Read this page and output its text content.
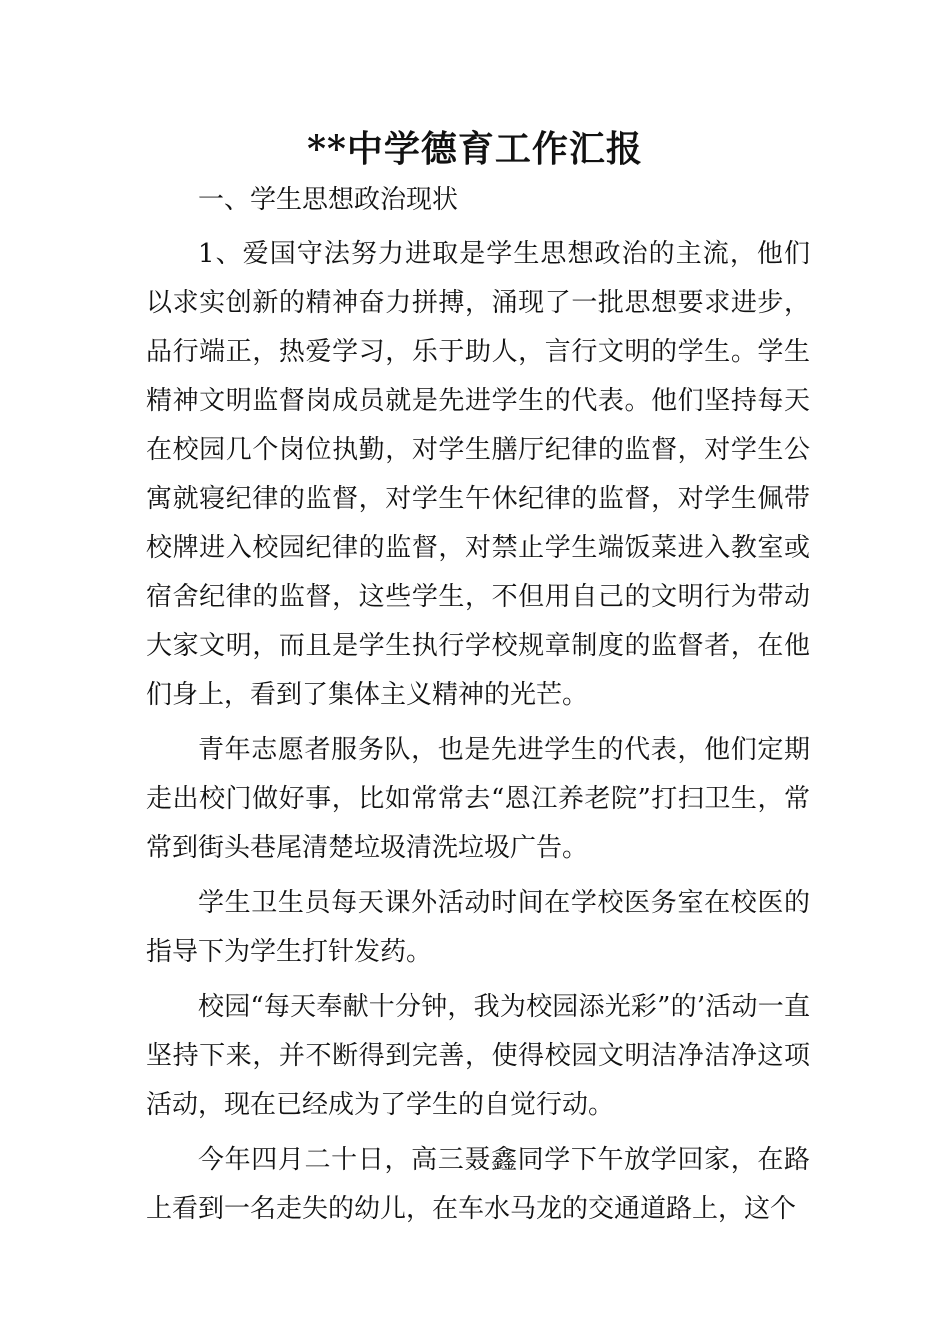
**中学德育工作汇报

一、学生思想政治现状

1、爱国守法努力进取是学生思想政治的主流，他们以求实创新的精神奋力拼搏，涌现了一批思想要求进步，品行端正，热爱学习，乐于助人，言行文明的学生。学生精神文明监督岗成员就是先进学生的代表。他们坚持每天在校园几个岗位执勤，对学生膳厅纪律的监督，对学生公寓就寝纪律的监督，对学生午休纪律的监督，对学生佩带校牌进入校园纪律的监督，对禁止学生端饭菜进入教室或宿舍纪律的监督，这些学生，不但用自己的文明行为带动大家文明，而且是学生执行学校规章制度的监督者，在他们身上，看到了集体主义精神的光芒。

青年志愿者服务队，也是先进学生的代表，他们定期走出校门做好事，比如常常去“恩江养老院”打扫卫生，常常到街头巷尾清楚垃圾清洗垃圾广告。

学生卫生员每天课外活动时间在学校医务室在校医的指导下为学生打针发药。

校园“每天奉献十分钟，我为校园添光彩”的’活动一直坚持下来，并不断得到完善，使得校园文明洁净洁净这项活动，现在已经成为了学生的自觉行动。

今年四月二十日，高三聂鑫同学下午放学回家，在路上看到一名走失的幼儿，在车水马龙的交通道路上，这个
